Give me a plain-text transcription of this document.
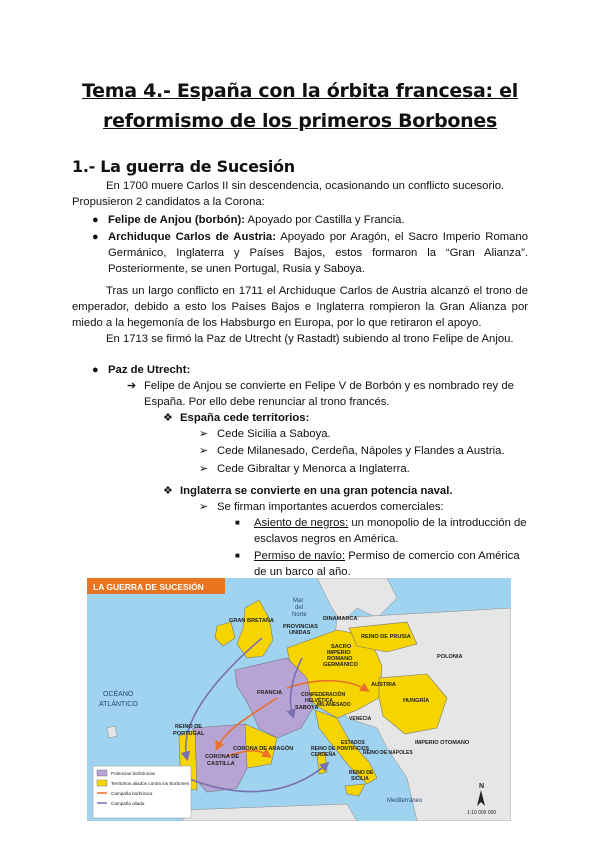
Tema 4.- España con la órbita francesa: el
reformismo de los primeros Borbones
1.- La guerra de Sucesión
En 1700 muere Carlos II sin descendencia, ocasionando un conflicto sucesorio.
Propusieron 2 candidatos a la Corona:
● Felipe de Anjou (borbón): Apoyado por Castilla y Francia.
● Archiduque Carlos de Austria: Apoyado por Aragón, el Sacro Imperio Romano Germánico, Inglaterra y Países Bajos, estos formaron la “Gran Alianza”. Posteriormente, se unen Portugal, Rusia y Saboya.
Tras un largo conflicto en 1711 el Archiduque Carlos de Austria alcanzó el trono de emperador, debido a esto los Países Bajos e Inglaterra rompieron la Gran Alianza por miedo a la hegemonía de los Habsburgo en Europa, por lo que retiraron el apoyo.
En 1713 se firmó la Paz de Utrecht (y Rastadt) subiendo al trono Felipe de Anjou.
● Paz de Utrecht:
➔ Felipe de Anjou se convierte en Felipe V de Borbón y es nombrado rey de España. Por ello debe renunciar al trono francés.
❖ España cede territorios:
➢ Cede Sicilia a Saboya.
➢ Cede Milanesado, Cerdeña, Nápoles y Flandes a Austria.
➢ Cede Gibraltar y Menorca a Inglaterra.
❖ Inglaterra se convierte en una gran potencia naval.
➢ Se firman importantes acuerdos comerciales:
■ Asiento de negros: un monopolio de la introducción de esclavos negros en América.
■ Permiso de navío: Permiso de comercio con América de un barco al año.
LA GUERRA DE SUCESIÓN
OCÉANO
ATLÁNTICO
Mar
del
Norte
GRAN BRETAÑA	DINAMARCA
PROVINCIAS
UNIDAS
REINO DE PRUSIA
SACRO
IMPERIO
ROMANO
GERMÁNICO
POLONIA
AUSTRIA
HUNGRÍA
FRANCIA	CONFEDERACIÓN
HELVÉTICA
SABOYA
MILANESADO
VENECIA
REINO DE
PORTUGAL
CORONA DE
CASTILLA
CORONA DE ARAGÓN
ESTADOS
PONTIFICIOS
IMPERIO OTOMANO
REINO DE
CERDEÑA	REINO DE NÁPOLES
REINO DE
SICILIA
Mediterráneo
1:10 000 000
N
Potencias borbónicas
Territorios aliados contra los Borbones
Campaña borbónica
Campaña aliada
